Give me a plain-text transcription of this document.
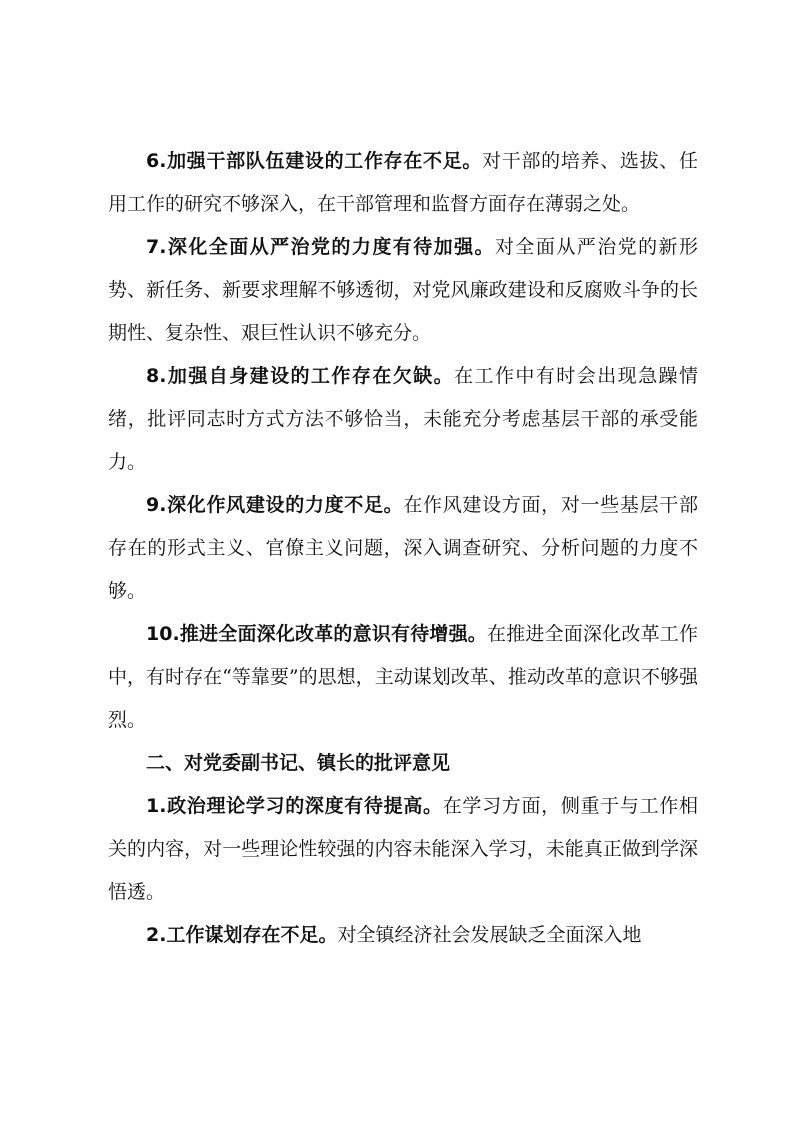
6.加强干部队伍建设的工作存在不足。对干部的培养、选拔、任用工作的研究不够深入，在干部管理和监督方面存在薄弱之处。

7.深化全面从严治党的力度有待加强。对全面从严治党的新形势、新任务、新要求理解不够透彻，对党风廉政建设和反腐败斗争的长期性、复杂性、艰巨性认识不够充分。

8.加强自身建设的工作存在欠缺。在工作中有时会出现急躁情绪，批评同志时方式方法不够恰当，未能充分考虑基层干部的承受能力。

9.深化作风建设的力度不足。在作风建设方面，对一些基层干部存在的形式主义、官僚主义问题，深入调查研究、分析问题的力度不够。

10.推进全面深化改革的意识有待增强。在推进全面深化改革工作中，有时存在“等靠要”的思想，主动谋划改革、推动改革的意识不够强烈。

二、对党委副书记、镇长的批评意见

1.政治理论学习的深度有待提高。在学习方面，侧重于与工作相关的内容，对一些理论性较强的内容未能深入学习，未能真正做到学深悟透。

2.工作谋划存在不足。对全镇经济社会发展缺乏全面深入地
